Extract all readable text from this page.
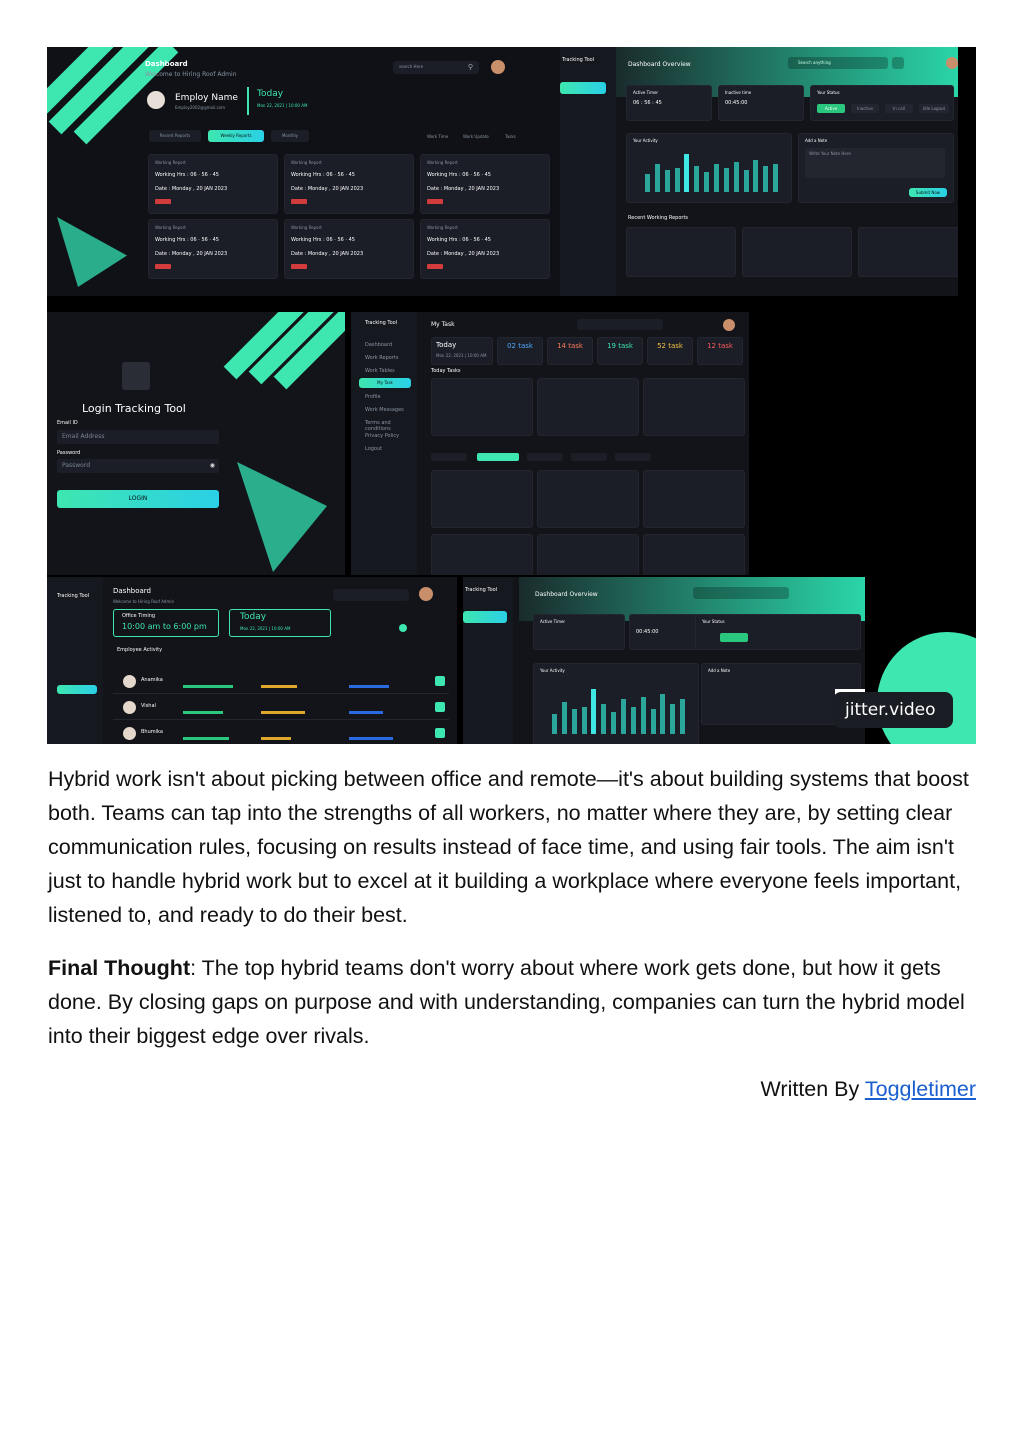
Dashboard
Welcome to Hiring Roof Admin
search Here	⚲
Employ Name
Employ2002@gmail.com
Today
Mon 22, 2021 | 10:00 AM
Recent Reports	Weekly Reports	Monthly	Work Time	Work Update	Tasks
Working Report
Working Hrs : 06 · 56 · 45
Date : Monday , 20 JAN 2023
Working Report
Working Hrs : 06 · 56 · 45
Date : Monday , 20 JAN 2023
Working Report
Working Hrs : 06 · 56 · 45
Date : Monday , 20 JAN 2023
Working Report
Working Hrs : 06 · 56 · 45
Date : Monday , 20 JAN 2023
Working Report
Working Hrs : 06 · 56 · 45
Date : Monday , 20 JAN 2023
Working Report
Working Hrs : 06 · 56 · 45
Date : Monday , 20 JAN 2023
Tracking Tool
Dashboard Overview	Search anything
Active Timer
06 : 56 : 45
Inactive time
00:45:00
Your Status
Active	Inactive	In call	Idle Logout
Your Activity	Add a Note
Write Your Note Here
Submit Now
Recent Working Reports
Login Tracking Tool
Email ID
Email Address
Password
Password	◉
LOGIN
Tracking Tool
Dashboard
Work Reports
Work Tables
My Task
Profile
Work Messages
Terms and conditions
Privacy Policy
Logout
My Task
Today
Mon 22, 2021 | 10:00 AM
02 task	14 task	19 task	52 task	12 task
Today Tasks
Tracking Tool
Dashboard
Welcome to Hiring Roof Admin
Office Timing
10:00 am to 6:00 pm
Today
Mon 22, 2021 | 10:00 AM
Employee Activity
Anamika
Vishal
Bhumika
Tracking Tool
Dashboard Overview
Active Timer
00:45:00
Your Status
Your Activity	Add a Note
jitter.video

Hybrid work isn't about picking between office and remote—it's about building systems that boost both. Teams can tap into the strengths of all workers, no matter where they are, by setting clear communication rules, focusing on results instead of face time, and using fair tools. The aim isn't just to handle hybrid work but to excel at it building a workplace where everyone feels important, listened to, and ready to do their best.

Final Thought: The top hybrid teams don't worry about where work gets done, but how it gets done. By closing gaps on purpose and with understanding, companies can turn the hybrid model into their biggest edge over rivals.

Written By Toggletimer
